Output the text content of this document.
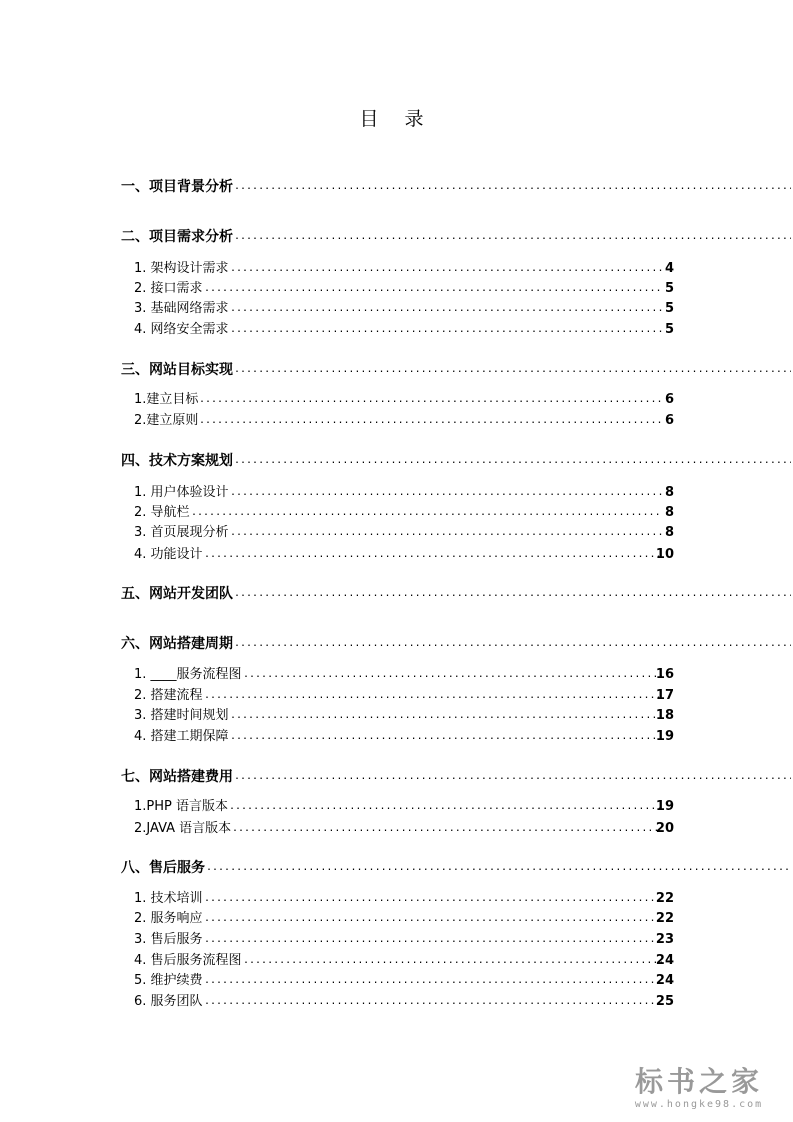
目 录
一、项目背景分析
.....
二、项目需求分析
.....
1. 架构设计需求 .....	4
2. 接口需求 .....	5
3. 基础网络需求 .....	5
4. 网络安全需求 .....	5
三、网站目标实现
.....
1.建立目标 .....	6
2.建立原则 .....	6
四、技术方案规划
.....
1. 用户体验设计 .....	8
2. 导航栏 .....	8
3. 首页展现分析 .....	8
4. 功能设计 .....	10
五、网站开发团队
.....
六、网站搭建周期
.....
1. ____服务流程图 .....	16
2. 搭建流程 .....	17
3. 搭建时间规划 .....	18
4. 搭建工期保障 .....	19
七、网站搭建费用
.....
1.PHP 语言版本 .....	19
2.JAVA 语言版本 .....	20
八、售后服务
.....
1. 技术培训 .....	22
2. 服务响应 .....	22
3. 售后服务 .....	23
4. 售后服务流程图 .....	24
5. 维护续费 .....	24
6. 服务团队 .....	25
标书之家
www.hongke98.com
